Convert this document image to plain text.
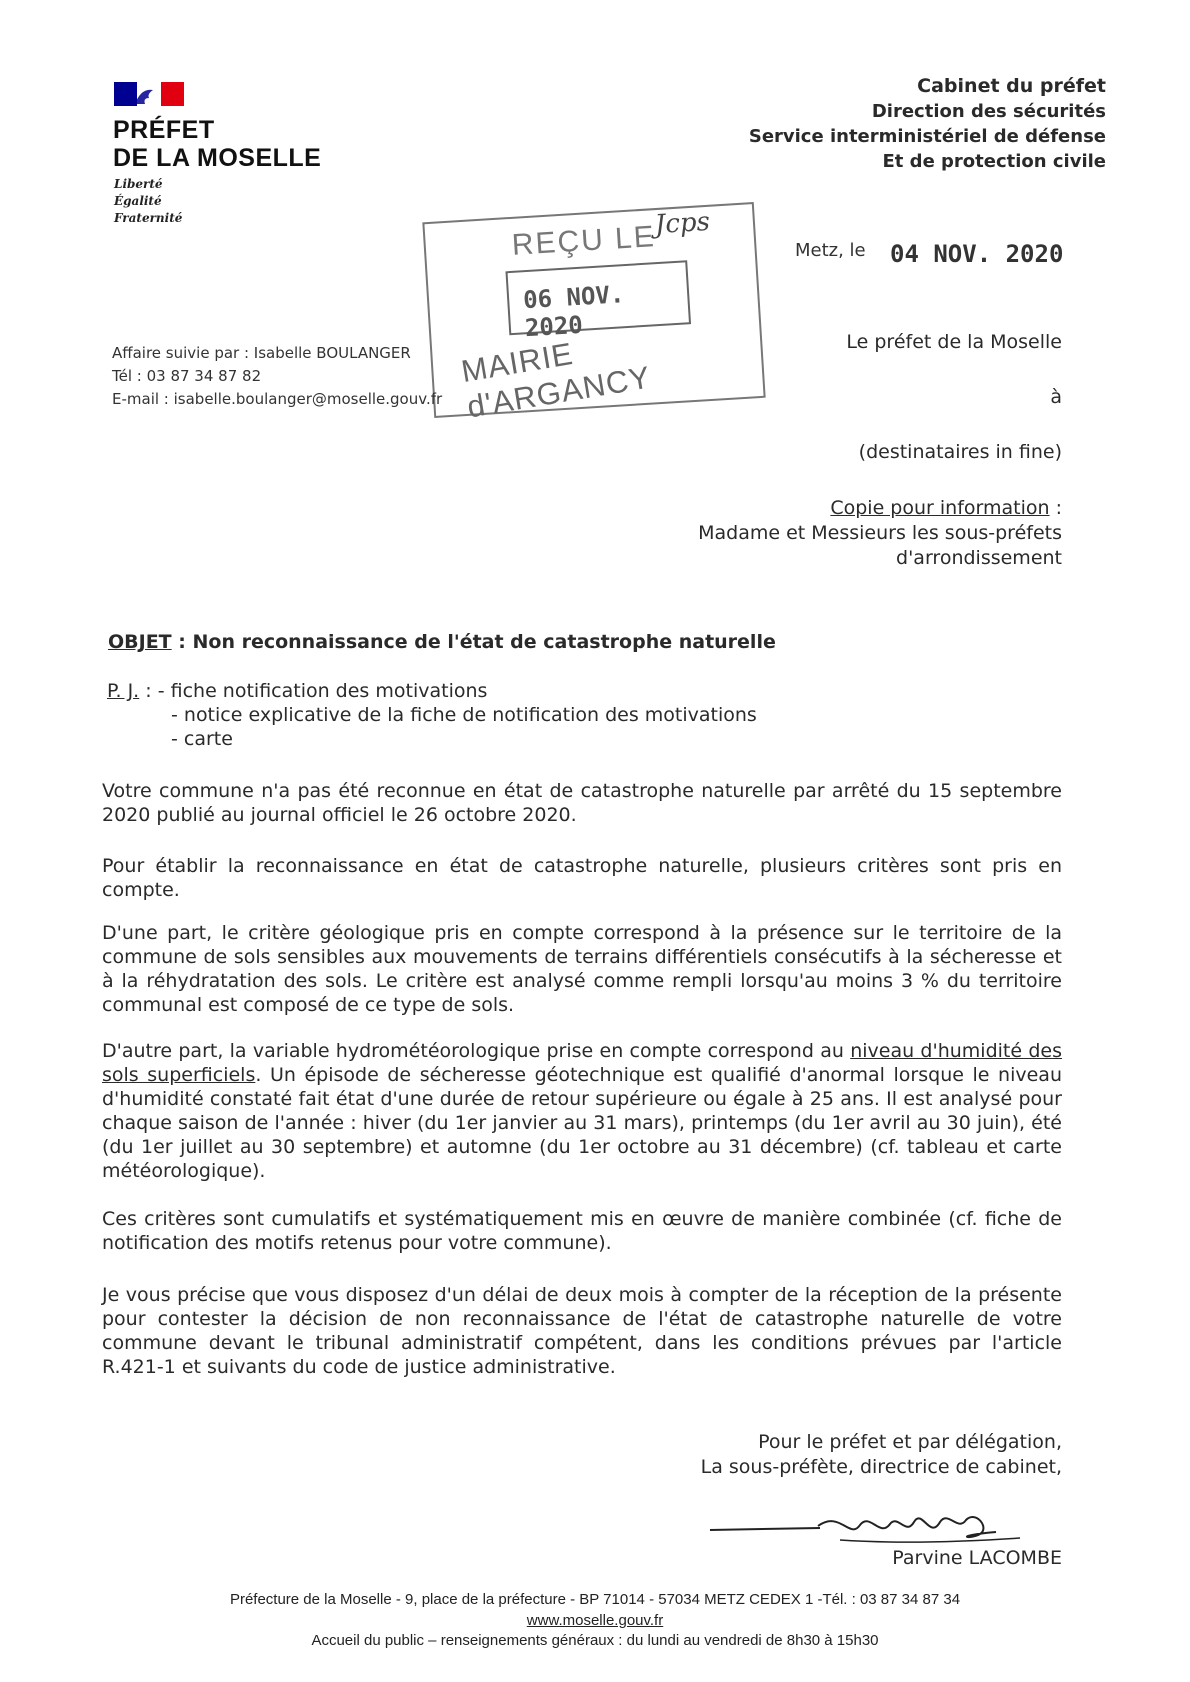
PRÉFET
DE LA MOSELLE
Liberté
Égalité
Fraternité
Cabinet du préfet
Direction des sécurités
Service interministériel de défense
Et de protection civile
REÇU LE
Jcps
06 NOV. 2020
MAIRIE d'ARGANCY
Metz, le 04 NOV. 2020
Affaire suivie par : Isabelle BOULANGER
Tél : 03 87 34 87 82
E-mail : isabelle.boulanger@moselle.gouv.fr
Le préfet de la Moselle
à
(destinataires in fine)
Copie pour information :
Madame et Messieurs les sous-préfets
d'arrondissement
OBJET : Non reconnaissance de l'état de catastrophe naturelle
P. J. : - fiche notification des motivations
- notice explicative de la fiche de notification des motivations
- carte
Votre commune n'a pas été reconnue en état de catastrophe naturelle par arrêté du 15 septembre 2020 publié au journal officiel le 26 octobre 2020.
Pour établir la reconnaissance en état de catastrophe naturelle, plusieurs critères sont pris en compte.
D'une part, le critère géologique pris en compte correspond à la présence sur le territoire de la commune de sols sensibles aux mouvements de terrains différentiels consécutifs à la sécheresse et à la réhydratation des sols. Le critère est analysé comme rempli lorsqu'au moins 3 % du territoire communal est composé de ce type de sols.
D'autre part, la variable hydrométéorologique prise en compte correspond au niveau d'humidité des sols superficiels. Un épisode de sécheresse géotechnique est qualifié d'anormal lorsque le niveau d'humidité constaté fait état d'une durée de retour supérieure ou égale à 25 ans. Il est analysé pour chaque saison de l'année : hiver (du 1er janvier au 31 mars), printemps (du 1er avril au 30 juin), été (du 1er juillet au 30 septembre) et automne (du 1er octobre au 31 décembre) (cf. tableau et carte météorologique).
Ces critères sont cumulatifs et systématiquement mis en œuvre de manière combinée (cf. fiche de notification des motifs retenus pour votre commune).
Je vous précise que vous disposez d'un délai de deux mois à compter de la réception de la présente pour contester la décision de non reconnaissance de l'état de catastrophe naturelle de votre commune devant le tribunal administratif compétent, dans les conditions prévues par l'article R.421-1 et suivants du code de justice administrative.
Pour le préfet et par délégation,
La sous-préfète, directrice de cabinet,
Parvine LACOMBE
Préfecture de la Moselle - 9, place de la préfecture - BP 71014 - 57034 METZ CEDEX 1 -Tél. : 03 87 34 87 34
www.moselle.gouv.fr
Accueil du public – renseignements généraux : du lundi au vendredi de 8h30 à 15h30
